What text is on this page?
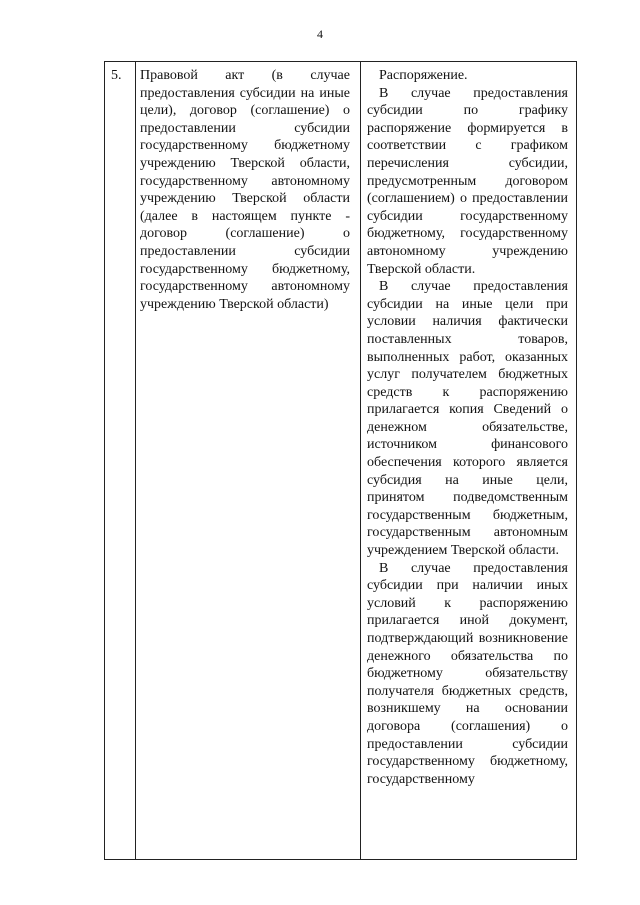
4
5.	Правовой акт (в случае предоставления субсидии на иные цели), договор (соглашение) о предоставлении субсидии государственному бюджетному учреждению Тверской области, государственному автономному учреждению Тверской области (далее в настоящем пункте - договор (соглашение) о предоставлении субсидии государственному бюджетному, государственному автономному учреждению Тверской области)

Распоряжение.

В случае предоставления субсидии по графику распоряжение формируется в соответствии с графиком перечисления субсидии, предусмотренным договором (соглашением) о предоставлении субсидии государственному бюджетному, государственному автономному учреждению Тверской области.

В случае предоставления субсидии на иные цели при условии наличия фактически поставленных товаров, выполненных работ, оказанных услуг получателем бюджетных средств к распоряжению прилагается копия Сведений о денежном обязательстве, источником финансового обеспечения которого является субсидия на иные цели, принятом подведомственным государственным бюджетным, государственным автономным учреждением Тверской области.

В случае предоставления субсидии при наличии иных условий к распоряжению прилагается иной документ, подтверждающий возникновение денежного обязательства по бюджетному обязательству получателя бюджетных средств, возникшему на основании договора (соглашения) о предоставлении субсидии государственному бюджетному, государственному
